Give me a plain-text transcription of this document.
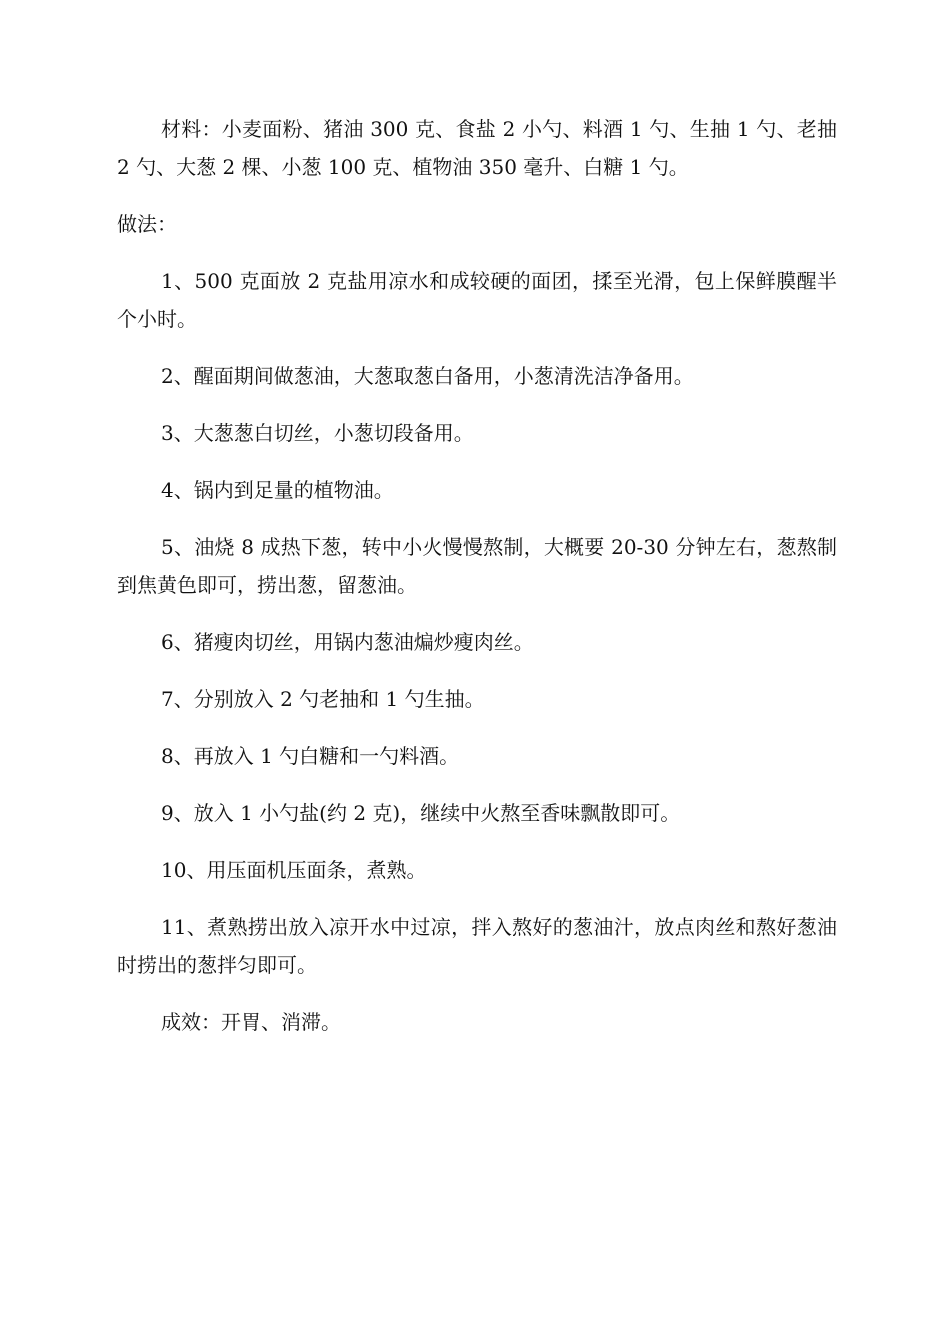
材料：小麦面粉、猪油 300 克、食盐 2 小勺、料酒 1 勺、生抽 1 勺、老抽 2 勺、大葱 2 棵、小葱 100 克、植物油 350 毫升、白糖 1 勺。

做法：

1、500 克面放 2 克盐用凉水和成较硬的面团，揉至光滑，包上保鲜膜醒半个小时。

2、醒面期间做葱油，大葱取葱白备用，小葱清洗洁净备用。

3、大葱葱白切丝，小葱切段备用。

4、锅内到足量的植物油。

5、油烧 8 成热下葱，转中小火慢慢熬制，大概要 20-30 分钟左右，葱熬制到焦黄色即可，捞出葱，留葱油。

6、猪瘦肉切丝，用锅内葱油煸炒瘦肉丝。

7、分别放入 2 勺老抽和 1 勺生抽。

8、再放入 1 勺白糖和一勺料酒。

9、放入 1 小勺盐(约 2 克)，继续中火熬至香味飘散即可。

10、用压面机压面条，煮熟。

11、煮熟捞出放入凉开水中过凉，拌入熬好的葱油汁，放点肉丝和熬好葱油时捞出的葱拌匀即可。

成效：开胃、消滞。
